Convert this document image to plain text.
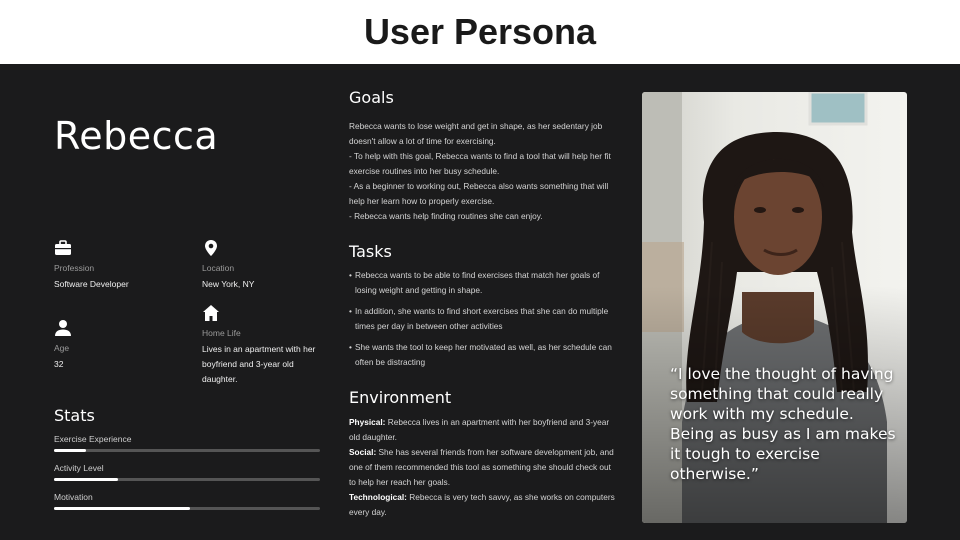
User Persona
Rebecca
Profession
Software Developer
Location
New York, NY
Age
32
Home Life
Lives in an apartment with her boyfriend and 3-year old daughter.
Stats
Exercise Experience
Activity Level
Motivation
Goals

Rebecca wants to lose weight and get in shape, as her sedentary job doesn't allow a lot of time for exercising.

- To help with this goal, Rebecca wants to find a tool that will help her fit exercise routines into her busy schedule.

- As a beginner to working out, Rebecca also wants something that will help her learn how to properly exercise.

- Rebecca wants help finding routines she can enjoy.

Tasks
• Rebecca wants to be able to find exercises that match her goals of losing weight and getting in shape.
• In addition, she wants to find short exercises that she can do multiple times per day in between other activities
• She wants the tool to keep her motivated as well, as her schedule can often be distracting
Environment

Physical: Rebecca lives in an apartment with her boyfriend and 3-year old daughter.

Social: She has several friends from her software development job, and one of them recommended this tool as something she should check out to help her reach her goals.

Technological: Rebecca is very tech savvy, as she works on computers every day.

“I love the thought of having something that could really work with my schedule. Being as busy as I am makes it tough to exercise otherwise.”
